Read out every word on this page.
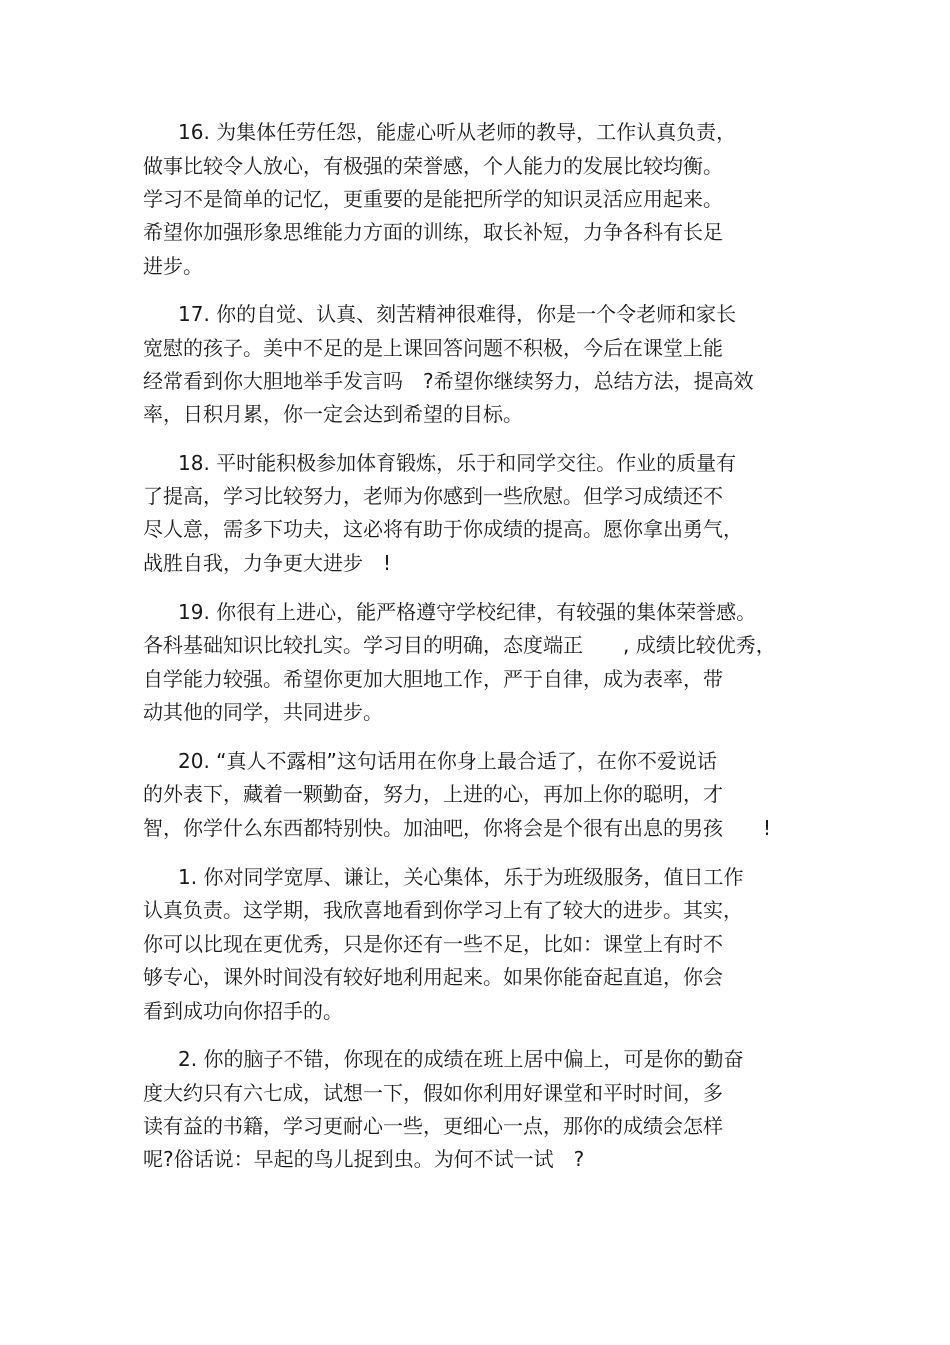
16. 为集体任劳任怨，能虚心听从老师的教导，工作认真负责，
做事比较令人放心，有极强的荣誉感，个人能力的发展比较均衡。
学习不是简单的记忆，更重要的是能把所学的知识灵活应用起来。
希望你加强形象思维能力方面的训练，取长补短，力争各科有长足
进步。
17. 你的自觉、认真、刻苦精神很难得，你是一个令老师和家长
宽慰的孩子。美中不足的是上课回答问题不积极，今后在课堂上能
经常看到你大胆地举手发言吗　?希望你继续努力，总结方法，提高效
率，日积月累，你一定会达到希望的目标。
18. 平时能积极参加体育锻炼，乐于和同学交往。作业的质量有
了提高，学习比较努力，老师为你感到一些欣慰。但学习成绩还不
尽人意，需多下功夫，这必将有助于你成绩的提高。愿你拿出勇气，
战胜自我，力争更大进步　!
19. 你很有上进心，能严格遵守学校纪律，有较强的集体荣誉感。
各科基础知识比较扎实。学习目的明确，态度端正　　, 成绩比较优秀，
自学能力较强。希望你更加大胆地工作，严于自律，成为表率，带
动其他的同学，共同进步。
20. “真人不露相”这句话用在你身上最合适了，在你不爱说话
的外表下，藏着一颗勤奋，努力，上进的心，再加上你的聪明，才
智，你学什么东西都特别快。加油吧，你将会是个很有出息的男孩　　!
1. 你对同学宽厚、谦让，关心集体，乐于为班级服务，值日工作
认真负责。这学期，我欣喜地看到你学习上有了较大的进步。其实，
你可以比现在更优秀，只是你还有一些不足，比如：课堂上有时不
够专心，课外时间没有较好地利用起来。如果你能奋起直追，你会
看到成功向你招手的。
2. 你的脑子不错，你现在的成绩在班上居中偏上，可是你的勤奋
度大约只有六七成，试想一下，假如你利用好课堂和平时时间，多
读有益的书籍，学习更耐心一些，更细心一点，那你的成绩会怎样
呢?俗话说：早起的鸟儿捉到虫。为何不试一试　?
